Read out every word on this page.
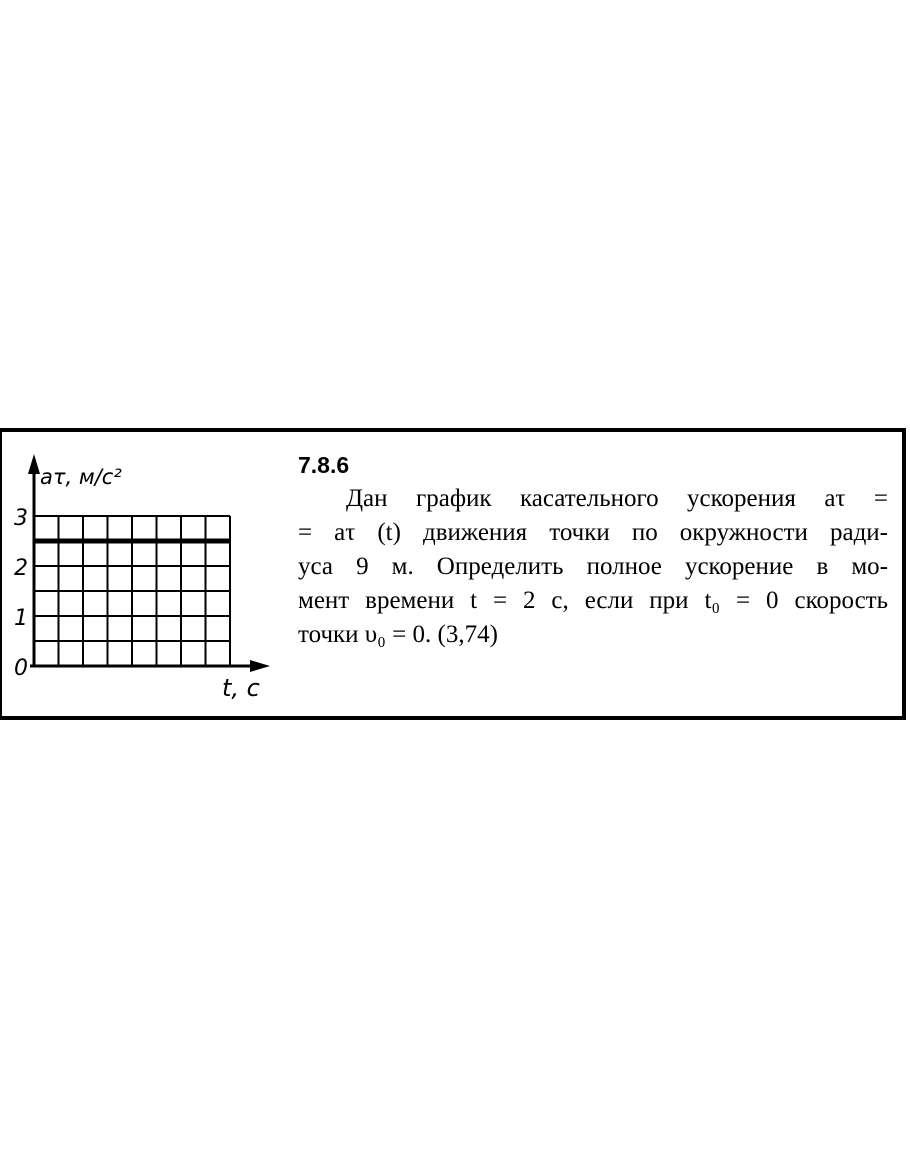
0
1
2
3
aτ, м/с²
t, с
7.8.6
Дан график касательного ускорения aτ =
= aτ (t) движения точки по окружности ради-
уса 9 м. Определить полное ускорение в мо-
мент времени t = 2 с, если при t₀ = 0 скорость
точки υ₀ = 0. (3,74)
